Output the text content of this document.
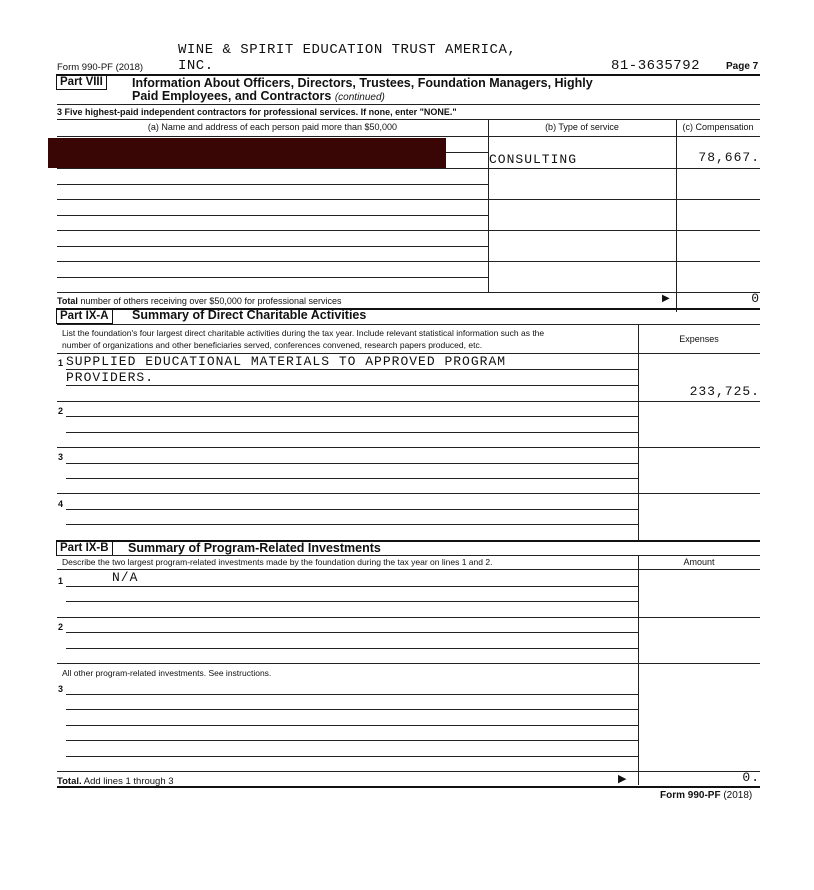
Form 990-PF (2018)
WINE & SPIRIT EDUCATION TRUST AMERICA,
INC.	81-3635792	Page 7
Part VIII	Information About Officers, Directors, Trustees, Foundation Managers, Highly
Paid Employees, and Contractors (continued)
3 Five highest-paid independent contractors for professional services. If none, enter "NONE."
(a) Name and address of each person paid more than $50,000	(b) Type of service	(c) Compensation
CONSULTING	78,667.
Total number of others receiving over $50,000 for professional services	▶	0
Part IX-A	Summary of Direct Charitable Activities
List the foundation's four largest direct charitable activities during the tax year. Include relevant statistical information such as the
number of organizations and other beneficiaries served, conferences convened, research papers produced, etc.
Expenses
1 SUPPLIED EDUCATIONAL MATERIALS TO APPROVED PROGRAM
PROVIDERS.
233,725.
2
3
4
Part IX-B	Summary of Program-Related Investments
Describe the two largest program-related investments made by the foundation during the tax year on lines 1 and 2.	Amount
1	N/A
2
All other program-related investments. See instructions.
3
Total. Add lines 1 through 3	▶	0.
Form 990-PF (2018)
